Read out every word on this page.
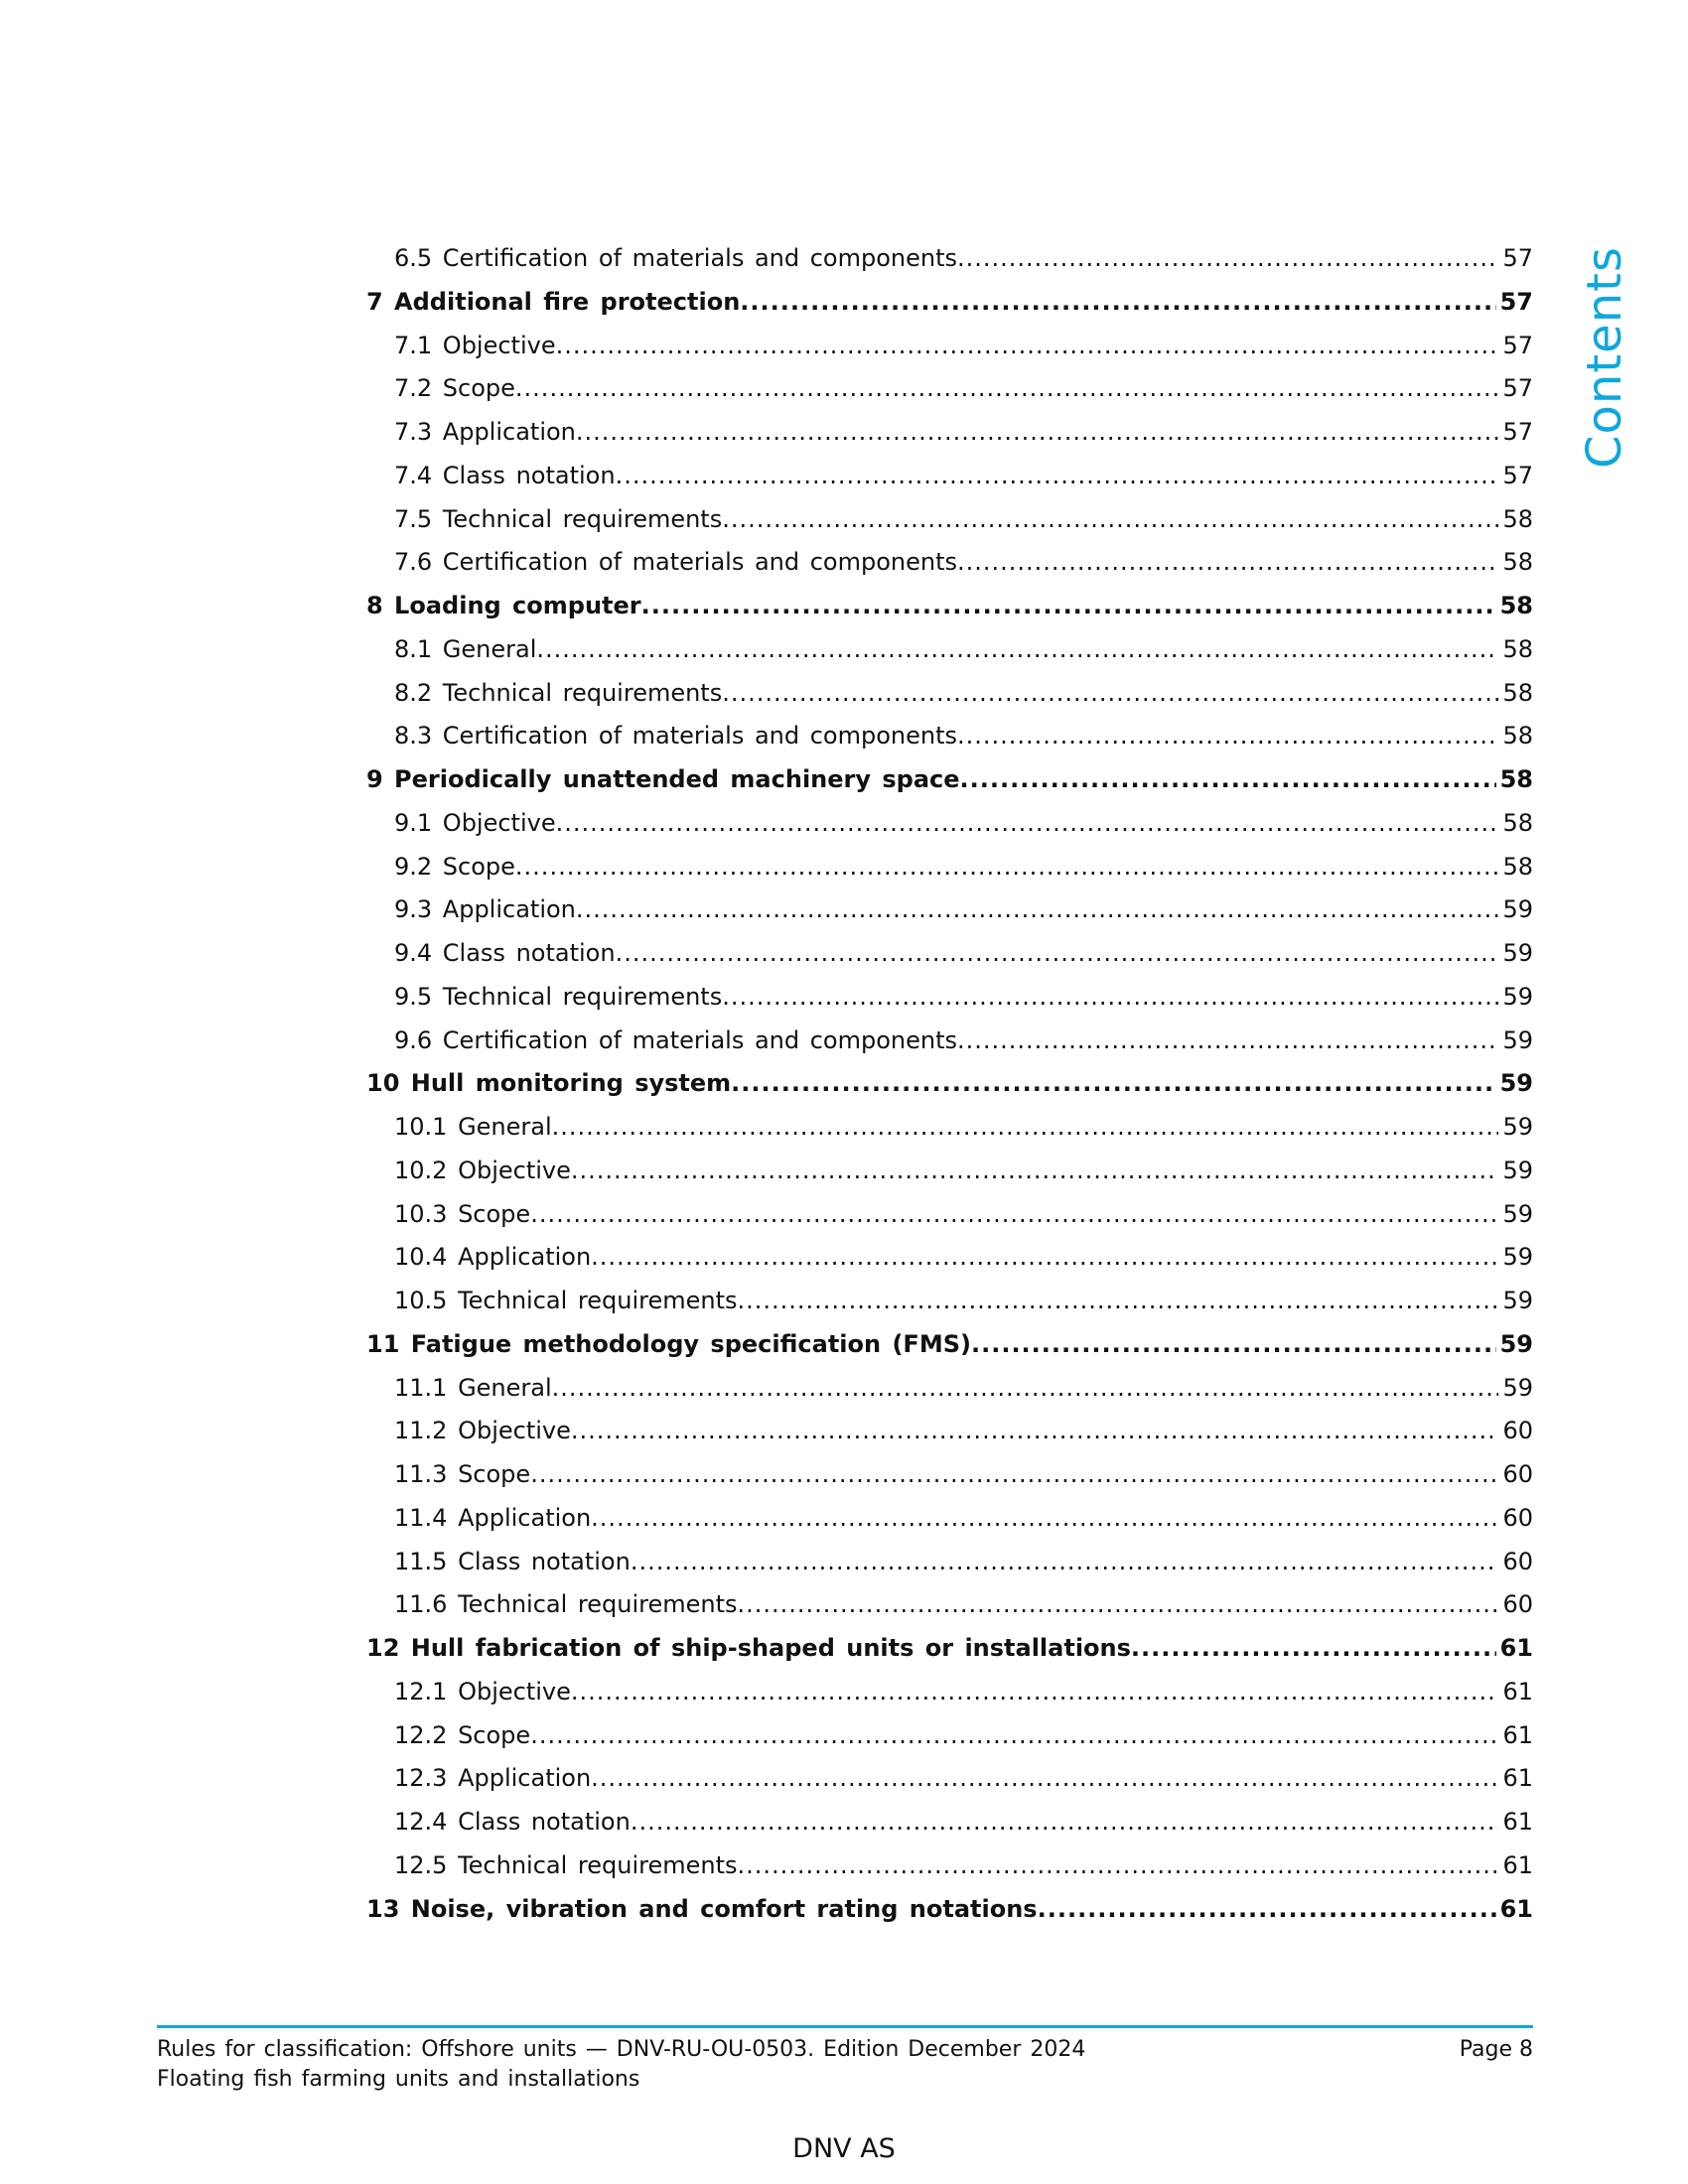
Contents
6.5 Certification of materials and components .....	57
7 Additional fire protection .....	57
7.1 Objective .....	57
7.2 Scope .....	57
7.3 Application .....	57
7.4 Class notation .....	57
7.5 Technical requirements .....	58
7.6 Certification of materials and components .....	58
8 Loading computer .....	58
8.1 General .....	58
8.2 Technical requirements .....	58
8.3 Certification of materials and components .....	58
9 Periodically unattended machinery space .....	58
9.1 Objective .....	58
9.2 Scope .....	58
9.3 Application .....	59
9.4 Class notation .....	59
9.5 Technical requirements .....	59
9.6 Certification of materials and components .....	59
10 Hull monitoring system .....	59
10.1 General .....	59
10.2 Objective .....	59
10.3 Scope .....	59
10.4 Application .....	59
10.5 Technical requirements .....	59
11 Fatigue methodology specification (FMS) .....	59
11.1 General .....	59
11.2 Objective .....	60
11.3 Scope .....	60
11.4 Application .....	60
11.5 Class notation .....	60
11.6 Technical requirements .....	60
12 Hull fabrication of ship-shaped units or installations .....	61
12.1 Objective .....	61
12.2 Scope .....	61
12.3 Application .....	61
12.4 Class notation .....	61
12.5 Technical requirements .....	61
13 Noise, vibration and comfort rating notations .....	61
Rules for classification: Offshore units — DNV-RU-OU-0503. Edition December 2024
Floating fish farming units and installations
Page 8
DNV AS
